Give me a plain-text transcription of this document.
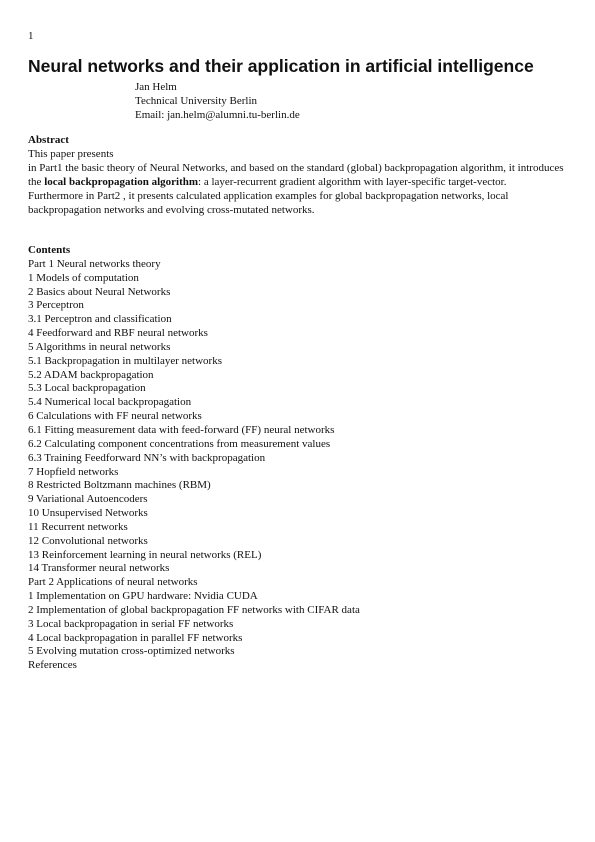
1
Neural networks and their application in artificial intelligence
Jan Helm
Technical University Berlin
Email: jan.helm@alumni.tu-berlin.de
Abstract
This paper presents
in Part1 the basic theory of Neural Networks, and based on the standard (global) backpropagation algorithm, it introduces the local backpropagation algorithm: a layer-recurrent gradient algorithm with layer-specific target-vector.
Furthermore in Part2 , it presents calculated application examples for global backpropagation networks, local backpropagation networks and evolving cross-mutated networks.
Contents
Part 1 Neural networks theory
1 Models of computation
2 Basics about Neural Networks
3 Perceptron
3.1 Perceptron and classification
4 Feedforward and RBF neural networks
5 Algorithms in neural networks
5.1 Backpropagation in multilayer networks
5.2 ADAM backpropagation
5.3 Local backpropagation
5.4 Numerical local backpropagation
6 Calculations with FF neural networks
6.1 Fitting measurement data with feed-forward (FF) neural networks
6.2 Calculating component concentrations from measurement values
6.3 Training Feedforward NN’s with backpropagation
7 Hopfield networks
8 Restricted Boltzmann machines (RBM)
9 Variational Autoencoders
10 Unsupervised Networks
11 Recurrent networks
12 Convolutional networks
13 Reinforcement learning in neural networks (REL)
14 Transformer neural networks
Part 2 Applications of neural networks
1 Implementation on GPU hardware: Nvidia CUDA
2 Implementation of global backpropagation FF networks with CIFAR data
3 Local backpropagation in serial FF networks
4 Local backpropagation in parallel FF networks
5 Evolving mutation cross-optimized networks
References
